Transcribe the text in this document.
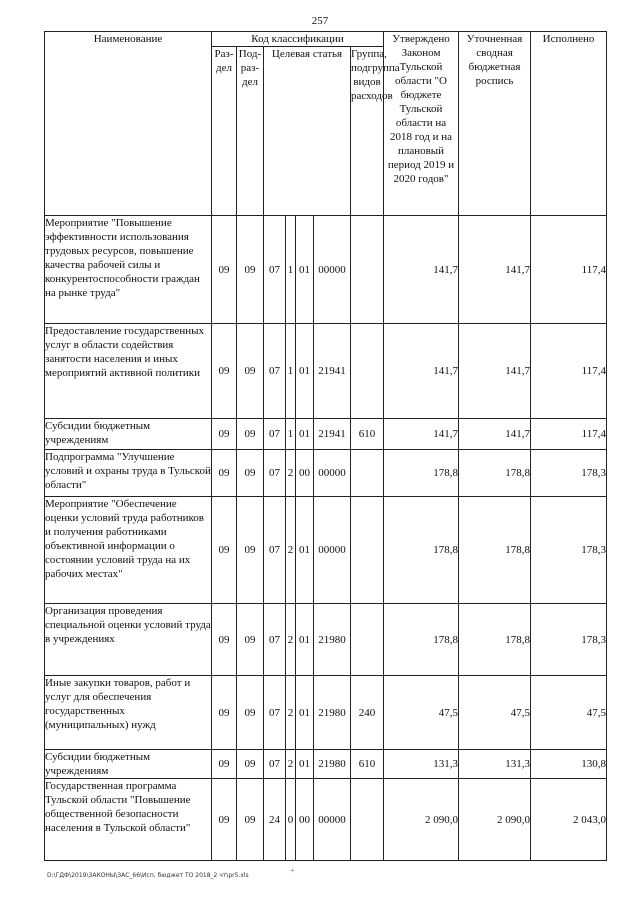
257
Наименование	Код классификации							Утверждено Законом Тульской области "О бюджете Тульской области на 2018 год и на плановый период 2019 и 2020 годов"	Уточненная сводная бюджетная роспись	Исполнено
	Раз-дел	Под-раз-дел	Целевая статья				Группа, подгруппа видов расходов			
Мероприятие "Повышение эффективности использования трудовых ресурсов, повышение качества рабочей силы и конкурентоспособности граждан на рынке труда"	09	09	07	1	01	00000		141,7	141,7	117,4
Предоставление государственных услуг в области содействия занятости населения и иных мероприятий активной политики	09	09	07	1	01	21941		141,7	141,7	117,4
Субсидии бюджетным учреждениям	09	09	07	1	01	21941	610	141,7	141,7	117,4
Подпрограмма "Улучшение условий и охраны труда в Тульской области"	09	09	07	2	00	00000		178,8	178,8	178,3
Мероприятие "Обеспечение оценки условий труда работников и получения работниками объективной информации о состоянии условий труда на их рабочих местах"	09	09	07	2	01	00000		178,8	178,8	178,3
Организация проведения специальной оценки условий труда в учреждениях	09	09	07	2	01	21980		178,8	178,8	178,3
Иные закупки товаров, работ и услуг для обеспечения государственных (муниципальных) нужд	09	09	07	2	01	21980	240	47,5	47,5	47,5
Субсидии бюджетным учреждениям	09	09	07	2	01	21980	610	131,3	131,3	130,8
Государственная программа Тульской области "Повышение общественной безопасности населения в Тульской области"	09	09	24	0	00	00000		2 090,0	2 090,0	2 043,0
+
D:\ГДФ\2019\ЗАКОНЫ\ЗАС_66\Исп. бюджет ТО 2018_2 чт\pr5.xls
